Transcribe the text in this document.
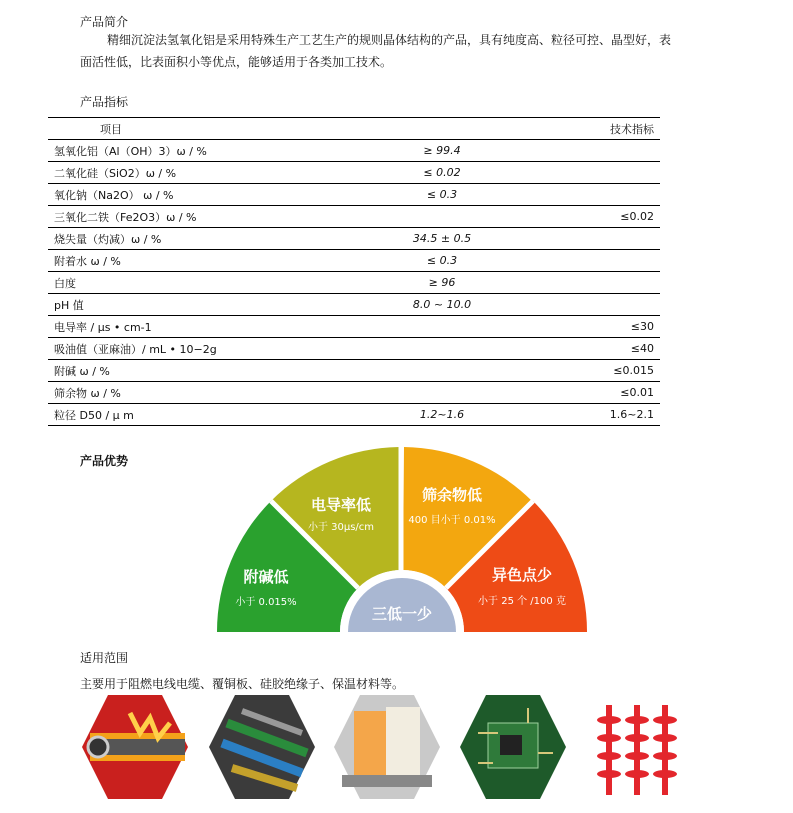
产品简介
精细沉淀法氢氧化铝是采用特殊生产工艺生产的规则晶体结构的产品，具有纯度高、粒径可控、晶型好，表
面活性低，比表面积小等优点，能够适用于各类加工技术。
产品指标
项目		技术指标
氢氧化铝（Al（OH）3）ω / %	≥ 99.4	
二氧化硅（SiO2）ω / %	≤ 0.02	
氧化钠（Na2O） ω / %	≤ 0.3	
三氧化二铁（Fe2O3）ω / %		≤0.02
烧失量（灼减）ω / %	34.5 ± 0.5	
附着水 ω / %	≤ 0.3	
白度	≥ 96	
pH 值	8.0 ~ 10.0	
电导率 / μs • cm-1		≤30
吸油值（亚麻油）/ mL • 10−2g		≤40
附碱 ω / %		≤0.015
筛余物 ω / %		≤0.01
粒径 D50 / μ m	1.2~1.6	1.6~2.1
产品优势
三低一少
附碱低
小于 0.015%
电导率低
小于 30μs/cm
筛余物低
400 目小于 0.01%
异色点少
小于 25 个 /100 克
适用范围
主要用于阻燃电线电缆、覆铜板、硅胶绝缘子、保温材料等。
